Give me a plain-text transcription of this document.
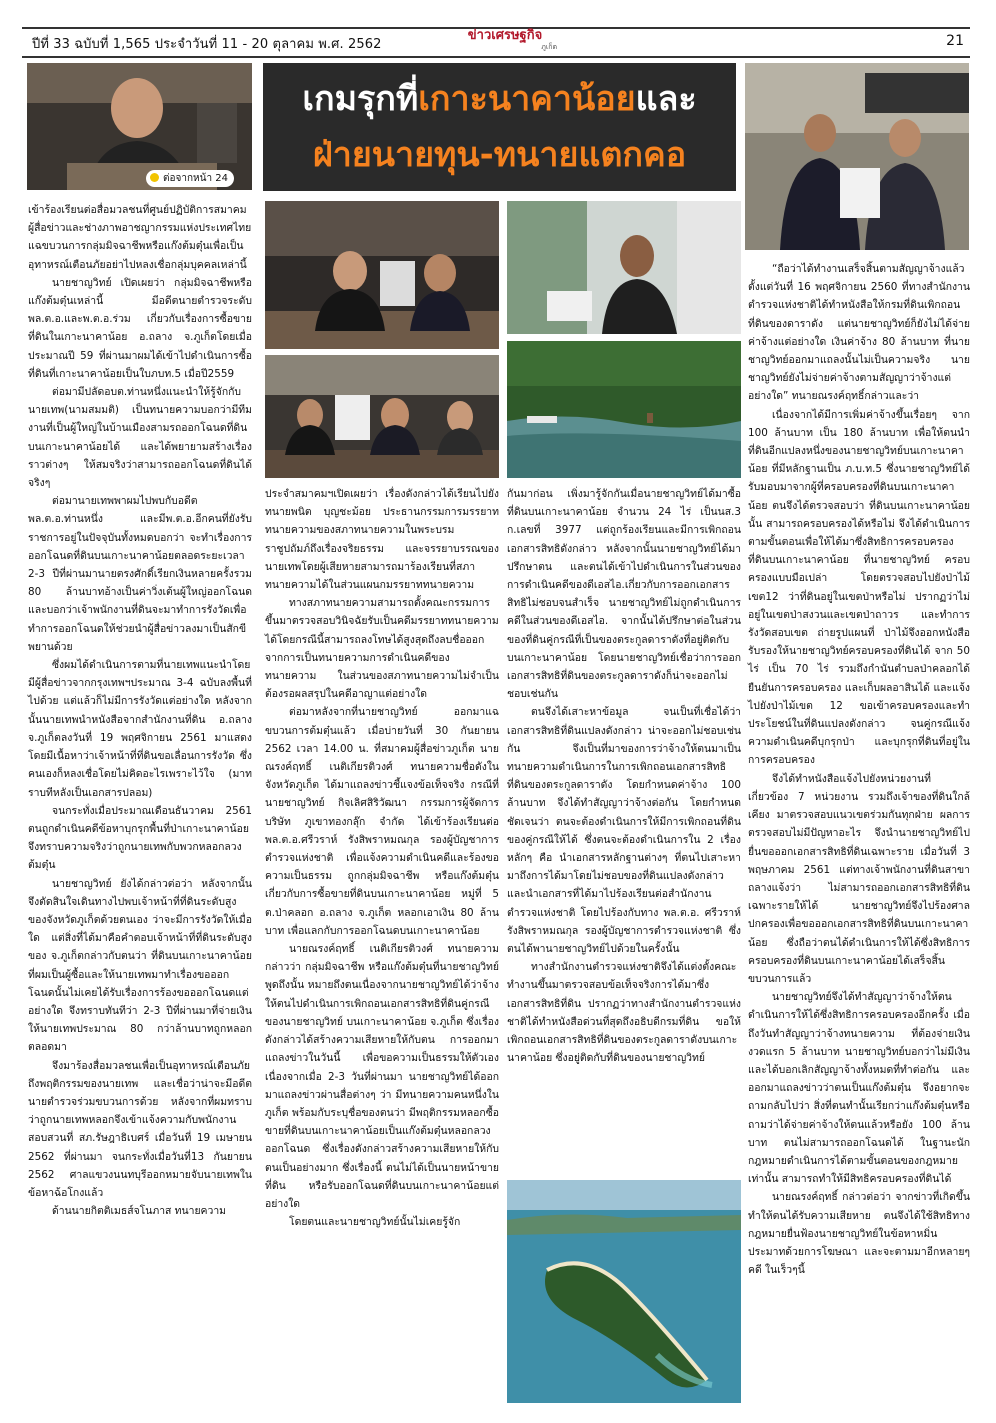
ปีที่ 33 ฉบับที่ 1,565 ประจำวันที่ 11 - 20 ตุลาคม พ.ศ. 2562
ข่าวเศรษฐกิจ
ภูเก็ต	21
ต่อจากหน้า 24
เกมรุกที่เกาะนาคาน้อยและ
ฝ่ายนายทุน-ทนายแตกคอ

เข้าร้องเรียนต่อสื่อมวลชนที่ศูนย์ปฏิบัติการสมาคมผู้สื่อข่าวและช่างภาพอาชญากรรมแห่งประเทศไทย แฉขบวนการกลุ่มมิจฉาชีพหรือแก๊งต้มตุ๋นเพื่อเป็นอุทาหรณ์เตือนภัยอย่าไปหลงเชื่อกลุ่มบุคคลเหล่านี้

นายชาญวิทย์ เปิดเผยว่า กลุ่มมิจฉาชีพหรือแก๊งต้มตุ๋นเหล่านี้ มีอดีตนายตำรวจระดับ พล.ต.อ.และพ.ต.อ.ร่วม เกี่ยวกับเรื่องการซื้อขายที่ดินในเกาะนาคาน้อย อ.ถลาง จ.ภูเก็ตโดยเมื่อประมาณปี 59 ที่ผ่านมาผมได้เข้าไปดำเนินการซื้อที่ดินที่เกาะนาคาน้อยเป็นใบภบท.5 เมื่อปี2559

ต่อมามีปลัดอบต.ท่านหนึ่งแนะนำให้รู้จักกับนายเทพ(นามสมมติ) เป็นทนายความบอกว่ามีทีมงานที่เป็นผู้ใหญ่ในบ้านเมืองสามรถออกโฉนดที่ดินบนเกาะนาคาน้อยได้ และได้พยายามสร้างเรื่องราวต่างๆ ให้สมจริงว่าสามารถออกโฉนดที่ดินได้จริงๆ

ต่อมานายเทพพาผมไปพบกับอดีต พล.ต.อ.ท่านหนึ่ง และมีพ.ต.อ.อีกคนที่ยังรับราชการอยู่ในปัจจุบันทั้งหมดบอกว่า จะทำเรื่องการออกโฉนดที่ดินบนเกาะนาคาน้อยตลอดระยะเวลา 2-3 ปีที่ผ่านมานายตรงศักดิ์เรียกเงินหลายครั้งรวม 80 ล้านบาทอ้างเป็นค่าวิ่งเต้นผู้ใหญ่ออกโฉนด และบอกว่าเจ้าพนักงานที่ดินจะมาทำการรังวัดเพื่อทำการออกโฉนดให้ช่วยนำผู้สื่อข่าวลงมาเป็นสักขีพยานด้วย

ซึ่งผมได้ดำเนินการตามที่นายเทพแนะนำโดยมีผู้สื่อข่าวจากกรุงเทพฯประมาณ 3-4 ฉบับลงพื้นที่ไปด้วย แต่แล้วก็ไม่มีการรังวัดแต่อย่างใด หลังจากนั้นนายเทพนำหนังสือจากสำนักงานที่ดิน อ.ถลาง จ.ภูเก็ตลงวันที่ 19 พฤศจิกายน 2561 มาแสดง โดยมีเนื้อหาว่าเจ้าหน้าที่ที่ดินขอเลื่อนการรังวัด ซึ่งคนเองก็หลงเชื่อโดยไม่คิดอะไรเพราะไว้ใจ (มาทราบทีหลังเป็นเอกสารปลอม)

จนกระทั่งเมื่อประมาณเดือนธันวาคม 2561 ตนถูกดำเนินคดีข้อหาบุกรุกพื้นที่ป่าเกาะนาคาน้อย จึงทราบความจริงว่าถูกนายเทพกับพวกหลอกลวงต้มตุ๋น

นายชาญวิทย์ ยังได้กล่าวต่อว่า หลังจากนั้นจึงตัดสินใจเดินทางไปพบเจ้าหน้าที่ที่ดินระดับสูงของจังหวัดภูเก็ตด้วยตนเอง ว่าจะมีการรังวัดให้เมื่อใด แต่สิ่งที่ได้มาคือคำตอบเจ้าหน้าที่ที่ดินระดับสูงของ จ.ภูเก็ตกล่าวกับตนว่า ที่ดินบนเกาะนาคาน้อยที่ผมเป็นผู้ซื้อและให้นายเทพมาทำเรื่องขอออกโฉนดนั้นไม่เคยได้รับเรื่องการร้องขอออกโฉนดแต่อย่างใด จึงทราบทันทีว่า 2-3 ปีที่ผ่านมาที่จ่ายเงินให้นายเทพประมาณ 80 กว่าล้านบาทถูกหลอกตลอดมา

จึงมาร้องสื่อมวลชนเพื่อเป็นอุทาหรณ์เตือนภัยถึงพฤติกรรมของนายเทพ และเชื่อว่าน่าจะมีอดีตนายตำรวจร่วมขบวนการด้วย หลังจากที่ผมทราบว่าถูกนายเทพหลอกจึงเข้าแจ้งความกับพนักงานสอบสวนที่ สภ.รัษฎาธิเบศร์ เมื่อวันที่ 19 เมษายน 2562 ที่ผ่านมา จนกระทั่งเมื่อวันที่13 กันยายน 2562 ศาลแขวงนนทบุรีออกหมายจับนายเทพในข้อหาฉ้อโกงแล้ว

ด้านนายกิตติเมธส์จโนภาส ทนายความ

ประจำสมาคมฯเปิดเผยว่า เรื่องดังกล่าวได้เรียนไปยังทนายพนิต บุญชะม้อย ประธานกรรมการมรรยาททนายความของสภาทนายความในพระบรมราชูปถัมภ์ถึงเรื่องจริยธรรม และจรรยาบรรณของนายเทพโดยผู้เสียหายสามารถมาร้องเรียนที่สภาทนายความได้ในส่วนแผนกมรรยาททนายความ

ทางสภาทนายความสามารถตั้งคณะกรรมการขึ้นมาตรวจสอบวินิจฉัยรับเป็นคดีมรรยาททนายความได้โดยกรณีนี้สามารถลงโทษได้สูงสุดถึงลบชื่อออกจากการเป็นทนายความการดำเนินคดีของทนายความ ในส่วนของสภาทนายความไม่จำเป็นต้องรอผลสรุปในคดีอาญาแต่อย่างใด

ต่อมาหลังจากที่นายชาญวิทย์ ออกมาแฉขบวนการต้มตุ๋นแล้ว เมื่อบ่ายวันที่ 30 กันยายน 2562 เวลา 14.00 น. ที่สมาคมผู้สื่อข่าวภูเก็ต นายณรงค์ฤทธิ์ เนติเกียรติวงศ์ ทนายความชื่อดังในจังหวัดภูเก็ต ได้มาแถลงข่าวชี้แจงข้อเท็จจริง กรณีที่นายชาญวิทย์ กิจเลิศสิริวัฒนา กรรมการผู้จัดการ บริษัท ภูเขาทองกลุ๊ก จำกัด ได้เข้าร้องเรียนต่อ พล.ต.อ.ศรีวราห์ รังสิพราหมณกุล รองผู้บัญชาการตำรวจแห่งชาติ เพื่อแจ้งความดำเนินคดีและร้องขอความเป็นธรรม ถูกกลุ่มมิจฉาชีพ หรือแก๊งต้มตุ๋น เกี่ยวกับการซื้อขายที่ดินบนเกาะนาคาน้อย หมู่ที่ 5 ต.ป่าคลอก อ.ถลาง จ.ภูเก็ต หลอกเอาเงิน 80 ล้านบาท เพื่อแลกกับการออกโฉนดบนเกาะนาคาน้อย

นายณรงค์ฤทธิ์ เนติเกียรติวงศ์ ทนายความกล่าวว่า กลุ่มมิจฉาชีพ หรือแก๊งต้มตุ๋นที่นายชาญวิทย์พูดถึงนั้น หมายถึงตนเนื่องจากนายชาญวิทย์ได้ว่าจ้างให้ตนไปดำเนินการเพิกถอนเอกสารสิทธิที่ดินคู่กรณีของนายชาญวิทย์ บนเกาะนาคาน้อย จ.ภูเก็ต ซึ่งเรื่องดังกล่าวได้สร้างความเสียหายให้กับตน การออกมาแถลงข่าวในวันนี้ เพื่อขอความเป็นธรรมให้ตัวเองเนื่องจากเมื่อ 2-3 วันที่ผ่านมา นายชาญวิทย์ได้ออกมาแถลงข่าวผ่านสื่อต่างๆ ว่า มีทนายความคนหนึ่งในภูเก็ต พร้อมกับระบุชื่อของตนว่า มีพฤติกรรมหลอกซื้อขายที่ดินบนเกาะนาคาน้อยเป็นแก๊งต้มตุ๋นหลอกลวงออกโฉนด ซึ่งเรื่องดังกล่าวสร้างความเสียหายให้กับตนเป็นอย่างมาก ซึ่งเรื่องนี้ ตนไม่ได้เป็นนายหน้าขายที่ดิน หรือรับออกโฉนดที่ดินบนเกาะนาคาน้อยแต่อย่างใด

โดยตนและนายชาญวิทย์นั้นไม่เคยรู้จัก

กันมาก่อน เพิ่งมารู้จักกันเมื่อนายชาญวิทย์ได้มาซื้อที่ดินบนเกาะนาคาน้อย จำนวน 24 ไร่ เป็นนส.3 ก.เลขที่ 3977 แต่ถูกร้องเรียนและมีการเพิกถอนเอกสารสิทธิดังกล่าว หลังจากนั้นนายชาญวิทย์ได้มาปรึกษาตน และตนได้เข้าไปดำเนินการในส่วนของการดำเนินคดีของดีเอสไอ.เกี่ยวกับการออกเอกสารสิทธิไม่ชอบจนสำเร็จ นายชาญวิทย์ไม่ถูกดำเนินการคดีในส่วนของดีเอสไอ. จากนั้นได้ปรึกษาต่อในส่วนของที่ดินคู่กรณีที่เป็นของตระกูลดาราดังที่อยู่ติดกับบนเกาะนาคาน้อย โดยนายชาญวิทย์เชื่อว่าการออกเอกสารสิทธิที่ดินของตระกูลดาราดังก็น่าจะออกไม่ชอบเช่นกัน

ตนจึงได้เสาะหาข้อมูล จนเป็นที่เชื่อได้ว่า เอกสารสิทธิที่ดินแปลงดังกล่าว น่าจะออกไม่ชอบเช่นกัน จึงเป็นที่มาของการว่าจ้างให้ตนมาเป็นทนายความดำเนินการในการเพิกถอนเอกสารสิทธิที่ดินของตระกูลดาราดัง โดยกำหนดค่าจ้าง 100 ล้านบาท จึงได้ทำสัญญาว่าจ้างต่อกัน โดยกำหนดชัดเจนว่า ตนจะต้องดำเนินการให้มีการเพิกถอนที่ดินของคู่กรณีให้ได้ ซึ่งตนจะต้องดำเนินการใน 2 เรื่องหลักๆ คือ นำเอกสารหลักฐานต่างๆ ที่ตนไปเสาะหามาถึงการได้มาโดยไม่ชอบของที่ดินแปลงดังกล่าว และนำเอกสารที่ได้มาไปร้องเรียนต่อสำนักงานตำรวจแห่งชาติ โดยไปร้องกับทาง พล.ต.อ. ศรีวราห์ รังสิพราหมณกุล รองผู้บัญชาการตำรวจแห่งชาติ ซึ่งตนได้พานายชาญวิทย์ไปด้วยในครั้งนั้น

ทางสำนักงานตำรวจแห่งชาติจึงได้แต่งตั้งคณะทำงานขึ้นมาตรวจสอบข้อเท็จจริงการได้มาซึ่งเอกสารสิทธิที่ดิน ปรากฏว่าทางสำนักงานตำรวจแห่งชาติได้ทำหนังสือด่วนที่สุดถึงอธิบดีกรมที่ดิน ขอให้เพิกถอนเอกสารสิทธิที่ดินของตระกูลดาราดังบนเกาะนาคาน้อย ซึ่งอยู่ติดกับที่ดินของนายชาญวิทย์

“ถือว่าได้ทำงานเสร็จสิ้นตามสัญญาจ้างแล้ว ตั้งแต่วันที่ 16 พฤศจิกายน 2560 ที่ทางสำนักงานตำรวจแห่งชาติได้ทำหนังสือให้กรมที่ดินเพิกถอนที่ดินของดาราดัง แต่นายชาญวิทย์ก็ยังไม่ได้จ่ายค่าจ้างแต่อย่างใด เงินค่าจ้าง 80 ล้านบาท ที่นายชาญวิทย์ออกมาแถลงนั้นไม่เป็นความจริง นายชาญวิทย์ยังไม่จ่ายค่าจ้างตามสัญญาว่าจ้างแต่อย่างใด” ทนายณรงค์ฤทธิ์กล่าวและว่า

เนื่องจากได้มีการเพิ่มค่าจ้างขึ้นเรื่อยๆ จาก 100 ล้านบาท เป็น 180 ล้านบาท เพื่อให้ตนนำที่ดินอีกแปลงหนึ่งของนายชาญวิทย์บนเกาะนาคาน้อย ที่มีหลักฐานเป็น ภ.บ.ท.5 ซึ่งนายชาญวิทย์ได้รับมอบมาจากผู้ที่ครอบครองที่ดินบนเกาะนาคาน้อย ตนจึงได้ตรวจสอบว่า ที่ดินบนเกาะนาคาน้อยนั้น สามารถครอบครองได้หรือไม่ จึงได้ดำเนินการตามขั้นตอนเพื่อให้ได้มาซึ่งสิทธิการครอบครองที่ดินบนเกาะนาคาน้อย ที่นายชาญวิทย์ ครอบครองแบบมือเปล่า โดยตรวจสอบไปยังป่าไม้เขต12 ว่าที่ดินอยู่ในเขตป่าหรือไม่ ปรากฏว่าไม่อยู่ในเขตป่าสงวนและเขตป่าถาวร และทำการรังวัดสอบเขต ถ่ายรูปแผนที่ ป่าไม้จึงออกหนังสือรับรองให้นายชาญวิทย์ครอบครองที่ดินได้ จาก 50 ไร่ เป็น 70 ไร่ รวมถึงกำนันตำบลป่าคลอกได้ยืนยันการครอบครอง และเก็บผลอาสินได้ และแจ้งไปยังป่าไม้เขต 12 ขอเข้าครอบครองและทำประโยชน์ในที่ดินแปลงดังกล่าว จนคู่กรณีแจ้งความดำเนินคดีบุกรุกป่า และบุกรุกที่ดินที่อยู่ในการครอบครอง

จึงได้ทำหนังสือแจ้งไปยังหน่วยงานที่เกี่ยวข้อง 7 หน่วยงาน รวมถึงเจ้าของที่ดินใกล้เคียง มาตรวจสอบแนวเขตร่วมกันทุกฝ่าย ผลการตรวจสอบไม่มีปัญหาอะไร จึงนำนายชาญวิทย์ไปยื่นขอออกเอกสารสิทธิที่ดินเฉพาะราย เมื่อวันที่ 3 พฤษภาคม 2561 แต่ทางเจ้าพนักงานที่ดินสาขาถลางแจ้งว่า ไม่สามารถออกเอกสารสิทธิที่ดินเฉพาะรายให้ได้ นายชาญวิทย์จึงไปร้องศาลปกครองเพื่อขอออกเอกสารสิทธิที่ดินบนเกาะนาคาน้อย ซึ่งถือว่าตนได้ดำเนินการให้ได้ซึ่งสิทธิการครอบครองที่ดินบนเกาะนาคาน้อยได้เสร็จสิ้นขบวนการแล้ว

นายชาญวิทย์จึงได้ทำสัญญาว่าจ้างให้ตนดำเนินการให้ได้ซึ่งสิทธิการครอบครองอีกครั้ง เมื่อถึงวันทำสัญญาว่าจ้างทนายความ ที่ต้องจ่ายเงินงวดแรก 5 ล้านบาท นายชาญวิทย์บอกว่าไม่มีเงิน และได้บอกเลิกสัญญาจ้างทั้งหมดที่ทำต่อกัน และออกมาแถลงข่าวว่าตนเป็นแก๊งต้มตุ๋น จึงอยากจะถามกลับไปว่า สิ่งที่ตนทำนั้นเรียกว่าแก๊งต้มตุ๋นหรือ ถามว่าได้จ่ายค่าจ้างให้ตนแล้วหรือยัง 100 ล้านบาท ตนไม่สามารถออกโฉนดได้ ในฐานะนักกฎหมายดำเนินการได้ตามขั้นตอนของกฎหมายเท่านั้น สามารถทำให้มีสิทธิครอบครองที่ดินได้

นายณรงค์ฤทธิ์ กล่าวต่อว่า จากข่าวที่เกิดขึ้นทำให้ตนได้รับความเสียหาย ตนจึงได้ใช้สิทธิทางกฎหมายยื่นฟ้องนายชาญวิทย์ในข้อหาหมิ่นประมาทด้วยการโฆษณา และจะตามมาอีกหลายๆ คดี ในเร็วๆนี้
